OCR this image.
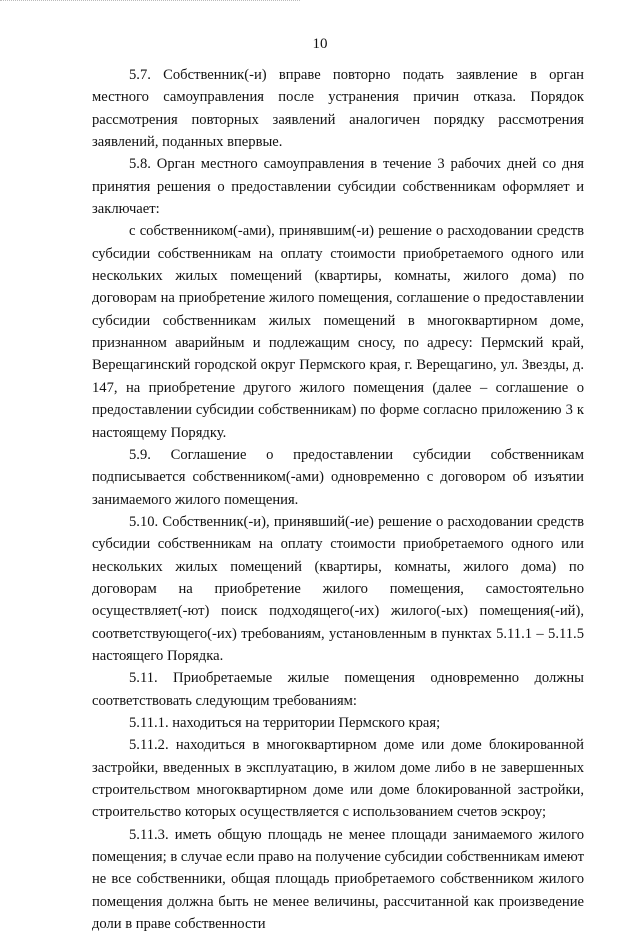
10

5.7. Собственник(-и) вправе повторно подать заявление в орган местного самоуправления после устранения причин отказа. Порядок рассмотрения повторных заявлений аналогичен порядку рассмотрения заявлений, поданных впервые.

5.8. Орган местного самоуправления в течение 3 рабочих дней со дня принятия решения о предоставлении субсидии собственникам оформляет и заключает:

с собственником(-ами), принявшим(-и) решение о расходовании средств субсидии собственникам на оплату стоимости приобретаемого одного или нескольких жилых помещений (квартиры, комнаты, жилого дома) по договорам на приобретение жилого помещения, соглашение о предоставлении субсидии собственникам жилых помещений в многоквартирном доме, признанном аварийным и подлежащим сносу, по адресу: Пермский край, Верещагинский городской округ Пермского края, г. Верещагино, ул. Звезды, д. 147, на приобретение другого жилого помещения (далее – соглашение о предоставлении субсидии собственникам) по форме согласно приложению 3 к настоящему Порядку.

5.9. Соглашение о предоставлении субсидии собственникам подписывается собственником(-ами) одновременно с договором об изъятии занимаемого жилого помещения.

5.10. Собственник(-и), принявший(-ие) решение о расходовании средств субсидии собственникам на оплату стоимости приобретаемого одного или нескольких жилых помещений (квартиры, комнаты, жилого дома) по договорам на приобретение жилого помещения, самостоятельно осуществляет(-ют) поиск подходящего(-их) жилого(-ых) помещения(-ий), соответствующего(-их) требованиям, установленным в пунктах 5.11.1 – 5.11.5 настоящего Порядка.

5.11. Приобретаемые жилые помещения одновременно должны соответствовать следующим требованиям:

5.11.1. находиться на территории Пермского края;

5.11.2. находиться в многоквартирном доме или доме блокированной застройки, введенных в эксплуатацию, в жилом доме либо в не завершенных строительством многоквартирном доме или доме блокированной застройки, строительство которых осуществляется с использованием счетов эскроу;

5.11.3. иметь общую площадь не менее площади занимаемого жилого помещения; в случае если право на получение субсидии собственникам имеют не все собственники, общая площадь приобретаемого собственником жилого помещения должна быть не менее величины, рассчитанной как произведение доли в праве собственности
